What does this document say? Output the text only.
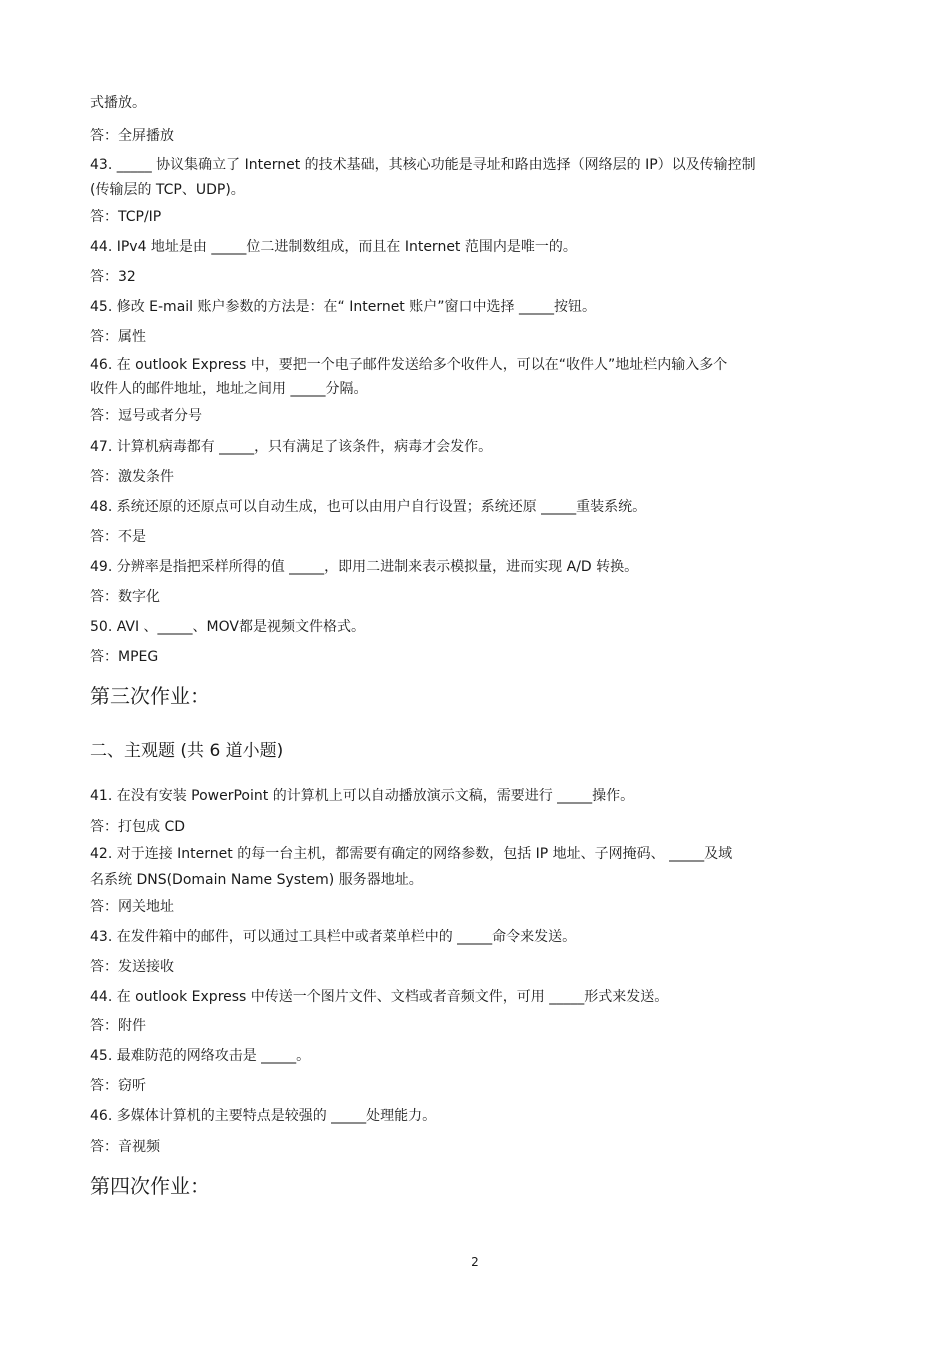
式播放。
答：全屏播放
43. _____ 协议集确立了 Internet 的技术基础，其核心功能是寻址和路由选择（网络层的 IP）以及传输控制
(传输层的 TCP、UDP)。
答：TCP/IP
44. IPv4 地址是由 _____位二进制数组成，而且在 Internet 范围内是唯一的。
答：32
45. 修改 E-mail 账户参数的方法是：在“ Internet 账户”窗口中选择 _____按钮。
答：属性
46. 在 outlook Express 中，要把一个电子邮件发送给多个收件人，可以在“收件人”地址栏内输入多个
收件人的邮件地址，地址之间用 _____分隔。
答：逗号或者分号
47. 计算机病毒都有 _____，只有满足了该条件，病毒才会发作。
答：激发条件
48. 系统还原的还原点可以自动生成，也可以由用户自行设置；系统还原 _____重装系统。
答：不是
49. 分辨率是指把采样所得的值 _____，即用二进制来表示模拟量，进而实现 A/D 转换。
答：数字化
50. AVI 、_____、MOV都是视频文件格式。
答：MPEG
第三次作业：
二、主观题 (共 6 道小题)
41. 在没有安装 PowerPoint 的计算机上可以自动播放演示文稿，需要进行 _____操作。
答：打包成 CD
42. 对于连接 Internet 的每一台主机，都需要有确定的网络参数，包括 IP 地址、子网掩码、 _____及域
名系统 DNS(Domain Name System) 服务器地址。
答：网关地址
43. 在发件箱中的邮件，可以通过工具栏中或者菜单栏中的 _____命令来发送。
答：发送接收
44. 在 outlook Express 中传送一个图片文件、文档或者音频文件，可用 _____形式来发送。
答：附件
45. 最难防范的网络攻击是 _____。
答：窃听
46. 多媒体计算机的主要特点是较强的 _____处理能力。
答：音视频
第四次作业：
2
